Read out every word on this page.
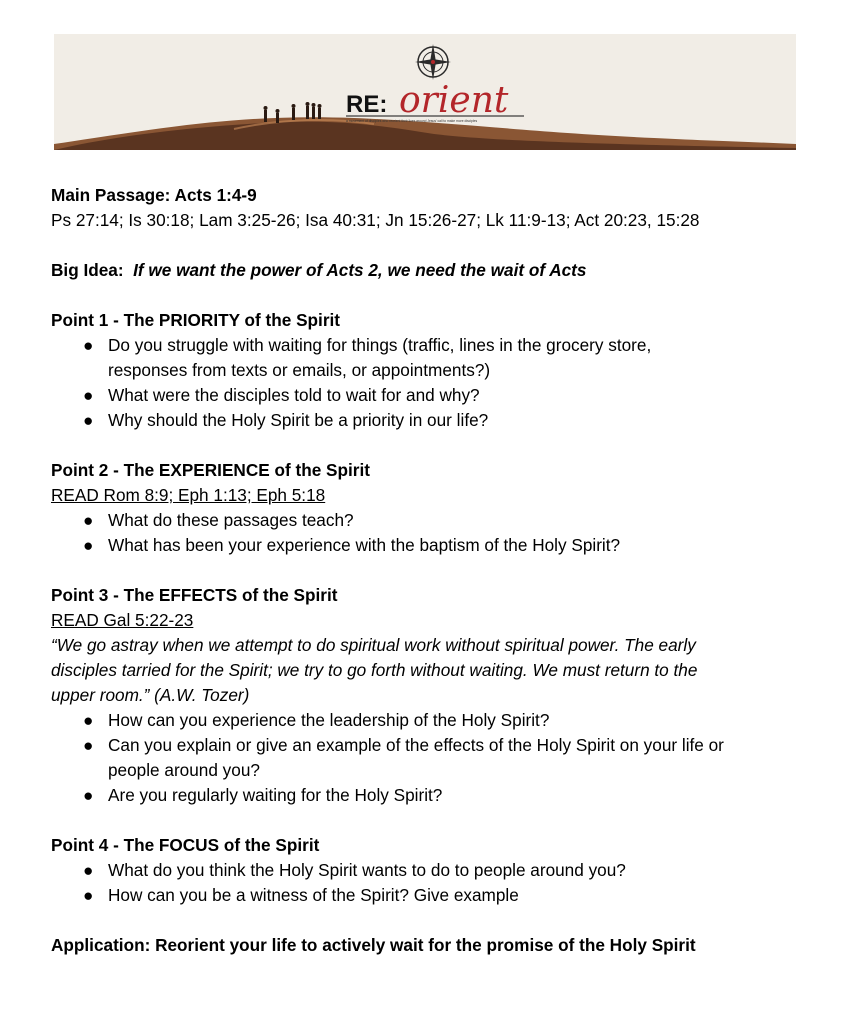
RE: orient
a movement of disciples who reorient their lives around Jesus' call to make more disciples
Main Passage: Acts 1:4-9
Ps 27:14; Is 30:18; Lam 3:25-26; Isa 40:31; Jn 15:26-27; Lk 11:9-13; Act 20:23, 15:28
Big Idea: If we want the power of Acts 2, we need the wait of Acts
Point 1 - The PRIORITY of the Spirit
● Do you struggle with waiting for things (traffic, lines in the grocery store,
responses from texts or emails, or appointments?)
● What were the disciples told to wait for and why?
● Why should the Holy Spirit be a priority in our life?
Point 2 - The EXPERIENCE of the Spirit
READ Rom 8:9; Eph 1:13; Eph 5:18
● What do these passages teach?
● What has been your experience with the baptism of the Holy Spirit?
Point 3 - The EFFECTS of the Spirit
READ Gal 5:22-23
“We go astray when we attempt to do spiritual work without spiritual power. The early
disciples tarried for the Spirit; we try to go forth without waiting. We must return to the
upper room.” (A.W. Tozer)
● How can you experience the leadership of the Holy Spirit?
● Can you explain or give an example of the effects of the Holy Spirit on your life or
people around you?
● Are you regularly waiting for the Holy Spirit?
Point 4 - The FOCUS of the Spirit
● What do you think the Holy Spirit wants to do to people around you?
● How can you be a witness of the Spirit? Give example
Application: Reorient your life to actively wait for the promise of the Holy Spirit
